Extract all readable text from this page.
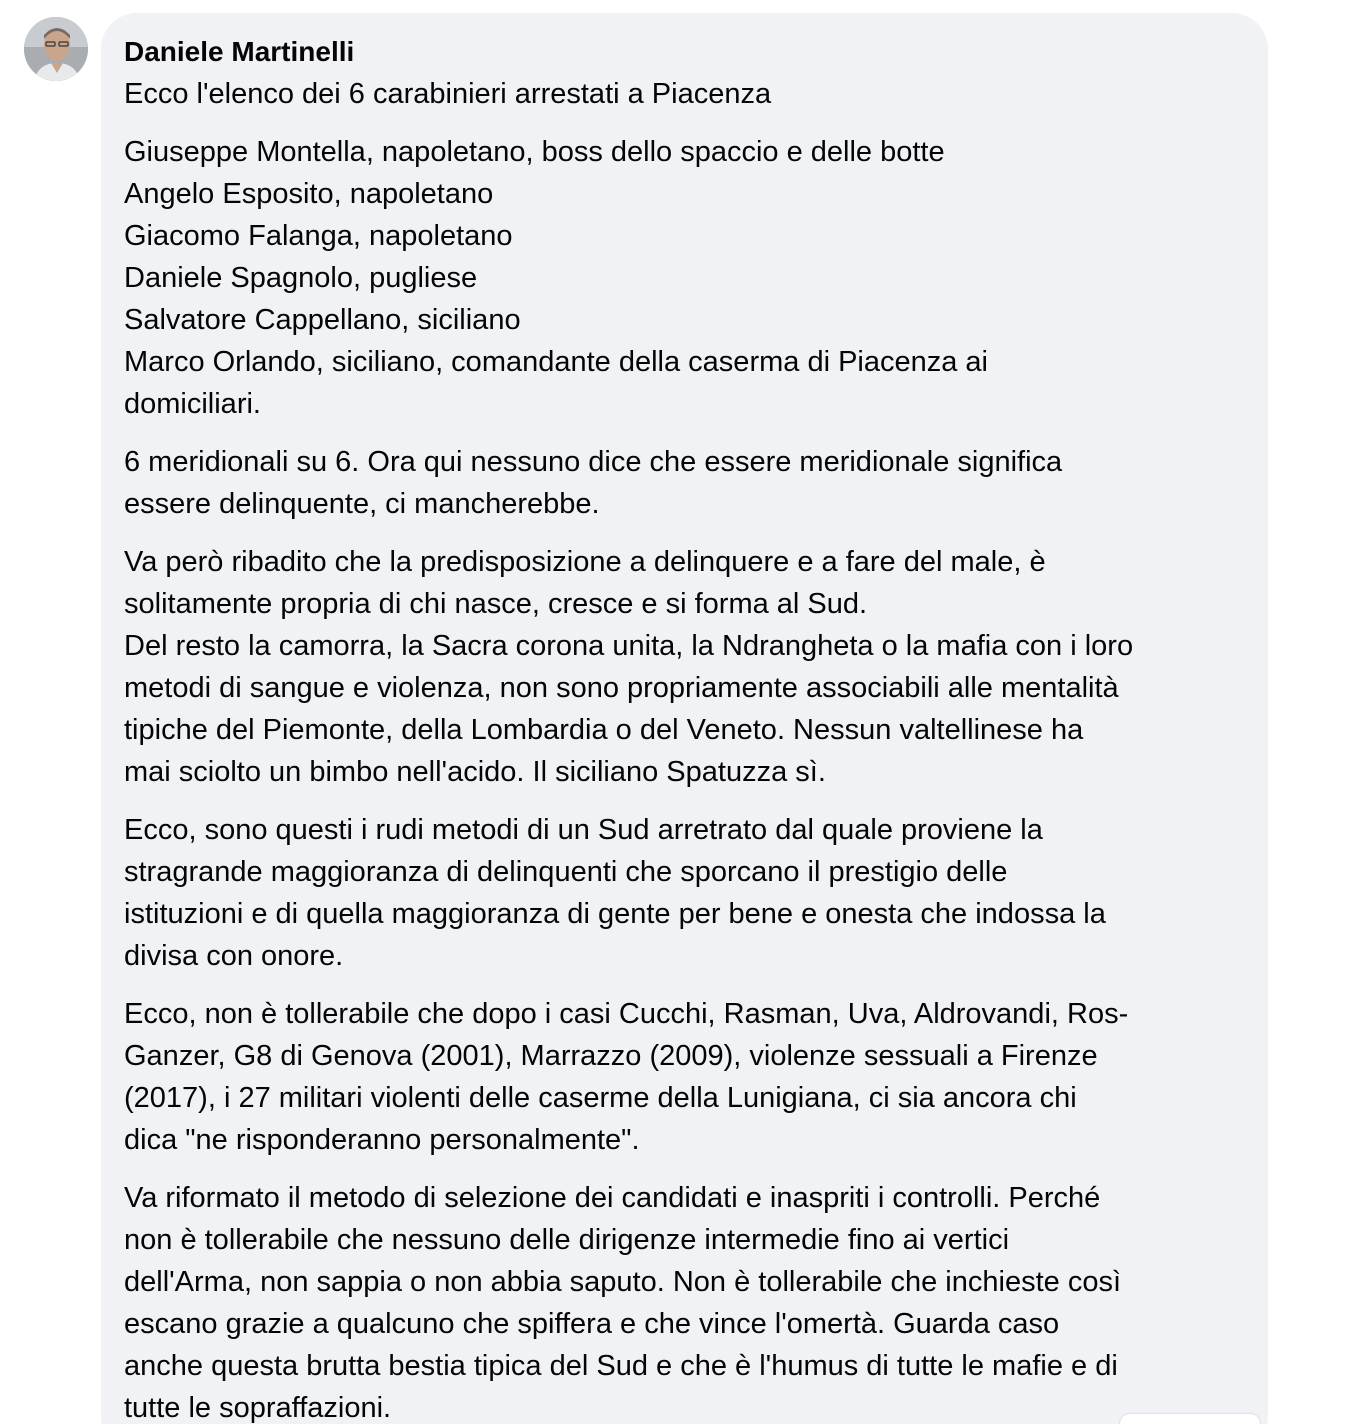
Daniele Martinelli

Ecco l'elenco dei 6 carabinieri arrestati a Piacenza

Giuseppe Montella, napoletano, boss dello spaccio e delle botte
Angelo Esposito, napoletano
Giacomo Falanga, napoletano
Daniele Spagnolo, pugliese
Salvatore Cappellano, siciliano
Marco Orlando, siciliano, comandante della caserma di Piacenza ai
domiciliari.

6 meridionali su 6. Ora qui nessuno dice che essere meridionale significa
essere delinquente, ci mancherebbe.

Va però ribadito che la predisposizione a delinquere e a fare del male, è
solitamente propria di chi nasce, cresce e si forma al Sud.
Del resto la camorra, la Sacra corona unita, la Ndrangheta o la mafia con i loro
metodi di sangue e violenza, non sono propriamente associabili alle mentalità
tipiche del Piemonte, della Lombardia o del Veneto. Nessun valtellinese ha
mai sciolto un bimbo nell'acido. Il siciliano Spatuzza sì.

Ecco, sono questi i rudi metodi di un Sud arretrato dal quale proviene la
stragrande maggioranza di delinquenti che sporcano il prestigio delle
istituzioni e di quella maggioranza di gente per bene e onesta che indossa la
divisa con onore.

Ecco, non è tollerabile che dopo i casi Cucchi, Rasman, Uva, Aldrovandi, Ros-
Ganzer, G8 di Genova (2001), Marrazzo (2009), violenze sessuali a Firenze
(2017), i 27 militari violenti delle caserme della Lunigiana, ci sia ancora chi
dica "ne risponderanno personalmente".

Va riformato il metodo di selezione dei candidati e inaspriti i controlli. Perché
non è tollerabile che nessuno delle dirigenze intermedie fino ai vertici
dell'Arma, non sappia o non abbia saputo. Non è tollerabile che inchieste così
escano grazie a qualcuno che spiffera e che vince l'omertà. Guarda caso
anche questa brutta bestia tipica del Sud e che è l'humus di tutte le mafie e di
tutte le sopraffazioni.
